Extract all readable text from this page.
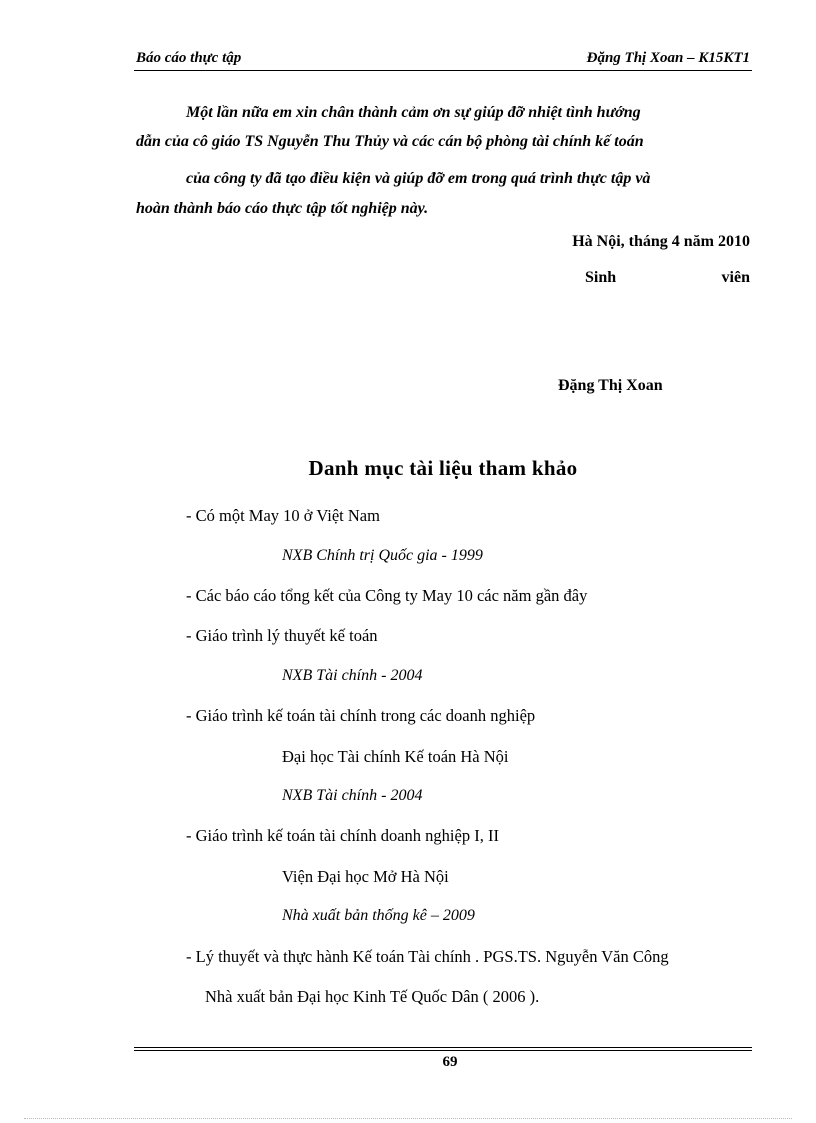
Báo cáo thực tập	Đặng Thị Xoan – K15KT1
Một lần nữa em xin chân thành cảm ơn sự giúp đỡ nhiệt tình hướng
dẫn của cô giáo TS Nguyễn Thu Thủy và các cán bộ phòng tài chính kế toán
của công ty đã tạo điều kiện và giúp đỡ em trong quá trình thực tập và
hoàn thành báo cáo thực tập tốt nghiệp này.
Hà Nội, tháng 4 năm 2010
Sinh	viên
Đặng Thị Xoan
Danh mục tài liệu tham khảo
- Có một May 10 ở Việt Nam
NXB Chính trị Quốc gia - 1999
- Các báo cáo tổng kết của Công ty May 10 các năm gần đây
- Giáo trình lý thuyết kế toán
NXB Tài chính - 2004
- Giáo trình kế toán tài chính trong các doanh nghiệp
Đại học Tài chính Kế toán Hà Nội
NXB Tài chính - 2004
- Giáo trình kế toán tài chính doanh nghiệp I, II
Viện Đại học Mở Hà Nội
Nhà xuất bản thống kê – 2009
- Lý thuyết và thực hành Kế toán Tài chính . PGS.TS. Nguyễn Văn Công
Nhà xuất bản Đại học Kinh Tế Quốc Dân ( 2006 ).
69
